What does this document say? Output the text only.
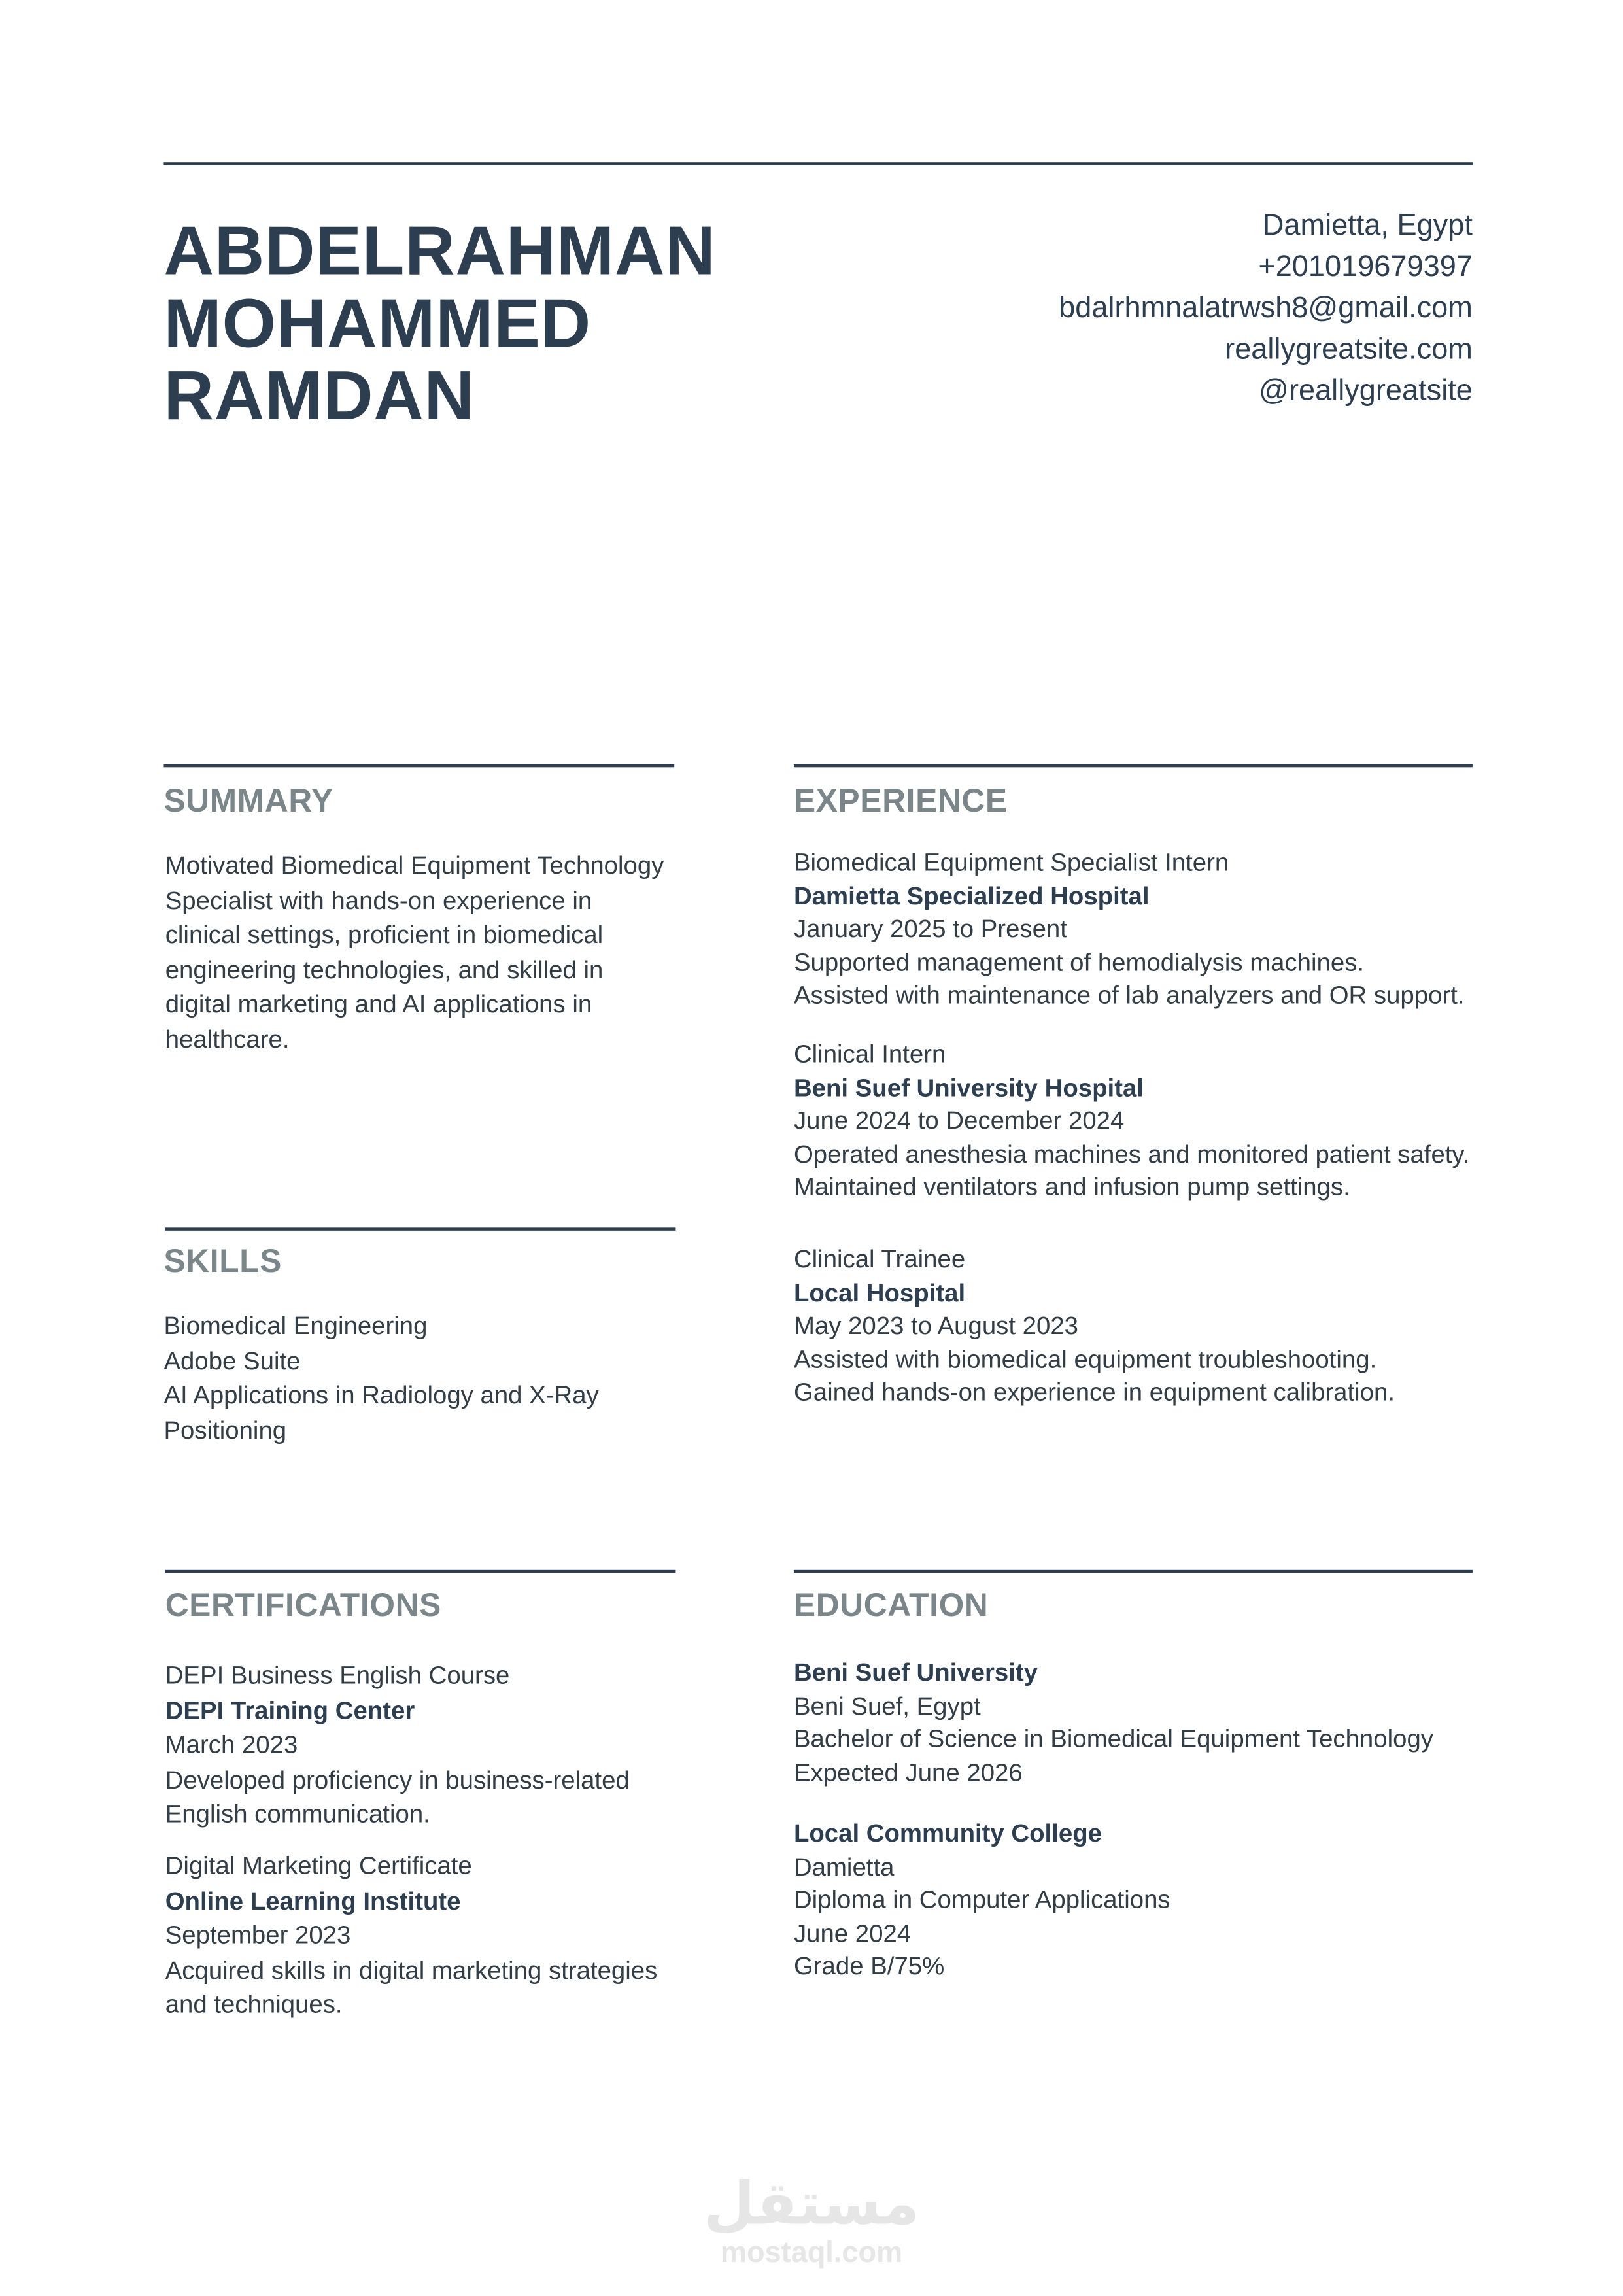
ABDELRAHMAN
MOHAMMED
RAMDAN
Damietta, Egypt
+201019679397
bdalrhmnalatrwsh8@gmail.com
reallygreatsite.com
@reallygreatsite
SUMMARY
Motivated Biomedical Equipment Technology
Specialist with hands-on experience in
clinical settings, proficient in biomedical
engineering technologies, and skilled in
digital marketing and AI applications in
healthcare.
SKILLS
Biomedical Engineering
Adobe Suite
AI Applications in Radiology and X-Ray
Positioning
EXPERIENCE
Biomedical Equipment Specialist Intern
Damietta Specialized Hospital
January 2025 to Present
Supported management of hemodialysis machines.
Assisted with maintenance of lab analyzers and OR support.
Clinical Intern
Beni Suef University Hospital
June 2024 to December 2024
Operated anesthesia machines and monitored patient safety.
Maintained ventilators and infusion pump settings.
Clinical Trainee
Local Hospital
May 2023 to August 2023
Assisted with biomedical equipment troubleshooting.
Gained hands-on experience in equipment calibration.
CERTIFICATIONS
DEPI Business English Course
DEPI Training Center
March 2023
Developed proficiency in business-related
English communication.
Digital Marketing Certificate
Online Learning Institute
September 2023
Acquired skills in digital marketing strategies
and techniques.
EDUCATION
Beni Suef University
Beni Suef, Egypt
Bachelor of Science in Biomedical Equipment Technology
Expected June 2026
Local Community College
Damietta
Diploma in Computer Applications
June 2024
Grade B/75%
مستقل
mostaql.com
